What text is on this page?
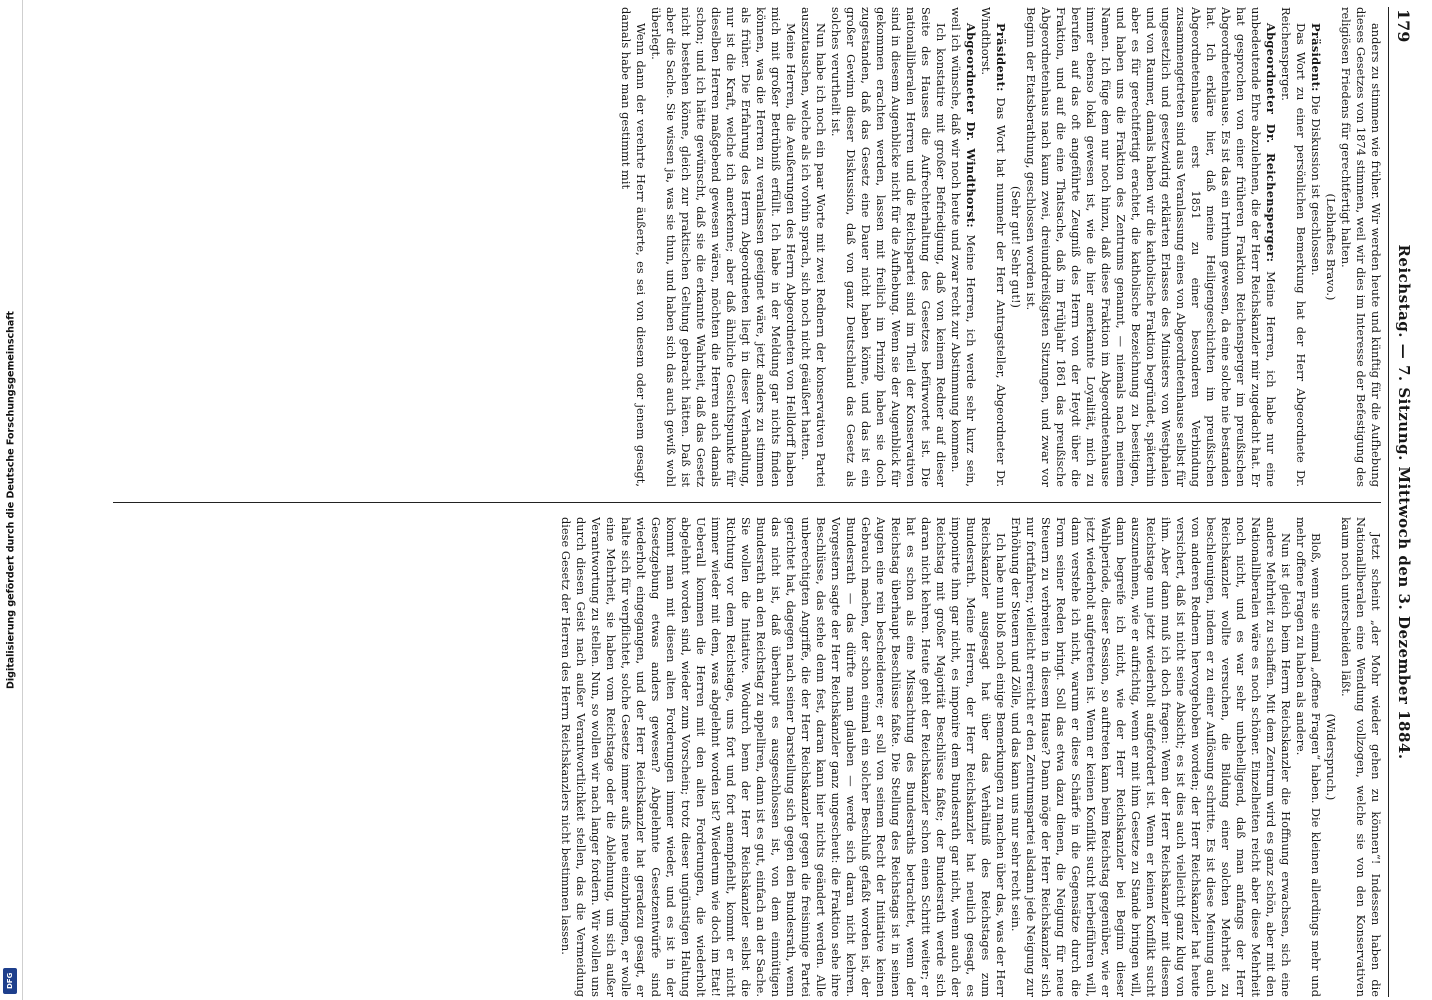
Digitalisierung gefördert durch die Deutsche Forschungsgemeinschaft
DFG
179
Reichstag. — 7. Sitzung. Mittwoch den 3. Dezember 1884.

anders zu stimmen wie früher. Wir werden heute und künftig für die Aufhebung dieses Gesetzes von 1874 stimmen, weil wir dies im Interesse der Befestigung des religiösen Friedens für gerechtfertigt halten.

(Lebhaftes Bravo.)

Präsident: Die Diskussion ist geschlossen.

Das Wort zu einer persönlichen Bemerkung hat der Herr Abgeordnete Dr. Reichensperger.

Abgeordneter Dr. Reichensperger: Meine Herren, ich habe nur eine unbedeutende Ehre abzulehnen, die der Herr Reichskanzler mir zugedacht hat. Er hat gesprochen von einer früheren Fraktion Reichensperger im preußischen Abgeordnetenhause. Es ist das ein Irrthum gewesen, da eine solche nie bestanden hat. Ich erkläre hier, daß meine Heiligengeschichten im preußischen Abgeordnetenhause erst 1851 zu einer besonderen Verbindung zusammengetreten sind aus Veranlassung eines von Abgeordnetenhause selbst für ungesetzlich und gesetzwidrig erklärten Erlasses des Ministers von Westphalen und von Raumer, damals haben wir die katholische Fraktion begründet, späterhin aber es für gerechtfertigt erachtet, die katholische Bezeichnung zu beseitigen, und haben uns die Fraktion des Zentrums genannt, — niemals nach meinem Namen. Ich füge dem nur noch hinzu, daß diese Fraktion im Abgeordnetenhause immer ebenso lokal gewesen ist, wie die hier anerkannte Loyalität, mich zu berufen auf das oft angeführte Zeugniß des Herrn von der Heydt über die Fraktion, und auf die eine Thatsache, daß im Frühjahr 1861 das preußische Abgeordnetenhaus nach kaum zwei, dreiunddreißigsten Sitzungen, und zwar vor Beginn der Etatsberathung, geschlossen worden ist.

(Sehr gut! Sehr gut!)

Präsident: Das Wort hat nunmehr der Herr Antragsteller, Abgeordneter Dr. Windthorst.

Abgeordneter Dr. Windthorst: Meine Herren, ich werde sehr kurz sein, weil ich wünsche, daß wir noch heute und zwar recht zur Abstimmung kommen.

Ich konstatire mit großer Befriedigung, daß von keinem Redner auf dieser Seite des Hauses die Aufrechterhaltung des Gesetzes befürwortet ist. Die nationalliberalen Herren und die Reichspartei sind im Theil der Konservativen sind in diesem Augenblicke nicht für die Aufhebung. Wenn sie der Augenblick für gekommen erachten werden, lassen mit freilich im Prinzip haben sie doch zugestanden, daß das Gesetz eine Dauer nicht haben könne, und das ist ein großer Gewinn dieser Diskussion, daß von ganz Deutschland das Gesetz als solches verurtheilt ist.

Nun habe ich noch ein paar Worte mit zwei Rednern der konservativen Partei auszutauschen, welche als ich vorhin sprach, sich noch nicht geäußert hatten.

Meine Herren, die Aeußerungen des Herrn Abgeordneten von Helldorff haben mich mit großer Betrübniß erfüllt. Ich habe in der Meldung gar nichts finden können, was die Herren zu veranlassen geeignet wäre, jetzt anders zu stimmen als früher. Die Erfahrung des Herrn Abgeordneten liegt in dieser Verhandlung, nur ist die Kraft, welche ich anerkenne; aber daß ähnliche Gesichtspunkte für dieselben Herren maßgebend gewesen wären, möchten die Herren auch damals schon; und ich hätte gewünscht, daß sie die erkannte Wahrheit, daß das Gesetz nicht bestehen könne, gleich zur praktischen Geltung gebracht hätten. Daß ist aber die Sache. Sie wissen ja, was sie thun, und haben sich das auch gewiß wohl überlegt.

Wenn dann der verehrte Herr äußerte, es sei von diesem oder jenem gesagt, damals habe man gestimmt mit

Jetzt scheint „der Mohr wieder gehen zu können“! Indessen haben die Nationalliberalen eine Wendung vollzogen, welche sie von den Konservativen kaum noch unterscheiden läßt.

(Widerspruch.)

Bloß, wenn sie einmal „offene Fragen“ haben. Die kleinen allerdings mehr und mehr offene Fragen zu haben als andere.

Nun ist gleich beim Herrn Reichskanzler die Hoffnung erwachsen, sich eine andere Mehrheit zu schaffen. Mit dem Zentrum wird es ganz schön, aber mit den Nationalliberalen wäre es noch schöner. Einzelheiten reicht aber diese Mehrheit noch nicht, und es war sehr unbehelligend, daß man anfangs der Herr Reichskanzler wollte versuchen, die Bildung einer solchen Mehrheit zu beschleunigen, indem er zu einer Auflösung schritte. Es ist diese Meinung auch von anderen Rednern hervorgehoben worden; der Herr Reichskanzler hat heute versichert, daß ist nicht seine Absicht; es ist dies auch vielleicht ganz klug von ihm. Aber dann muß ich doch fragen: Wenn der Herr Reichskanzler mit diesem Reichstage nun jetzt wiederholt aufgefordert ist. Wenn er keinen Konflikt sucht auszunehmen, wie er aufrichtig, wenn er mit ihm Gesetze zu Stande bringen will, dann begreife ich nicht, wie der Herr Reichskanzler bei Beginn dieser Wahlperiode, dieser Session, so auftreten kann beim Reichstag gegenüber, wie er jetzt wiederholt aufgetreten ist. Wenn er keinen Konflikt sucht herbeiführen will, dann verstehe ich nicht, warum er diese Schärfe in die Gegensätze durch die Form seiner Reden bringt. Soll das etwa dazu dienen, die Neigung für neue Steuern zu verbreiten in diesem Hause? Dann möge der Herr Reichskanzler sich nur fortfahren; vielleicht erreicht er den Zentrumspartei alsdann jede Neigung zur Erhöhung der Steuern und Zölle, und das kann uns nur sehr recht sein.

Ich habe nun bloß noch einige Bemerkungen zu machen über das, was der Herr Reichskanzler ausgesagt hat über das Verhältniß des Reichstages zum Bundesrath. Meine Herren, der Herr Reichskanzler hat neulich gesagt, es imponirte ihm gar nicht, es imponire dem Bundesrath gar nicht, wenn auch der Reichstag mit großer Majorität Beschlüsse faßte; der Bundesrath werde sich daran nicht kehren. Heute geht der Reichskanzler schon einen Schritt weiter; er hat es schon als eine Missachtung des Bundesraths betrachtet, wenn der Reichstag überhaupt Beschlüsse faßte. Die Stellung des Reichstags ist in seinen Augen eine rein bescheidenere; er soll von seinem Recht der Initiative keinen Gebrauch machen, der schon einmal ein solcher Beschluß gefaßt worden ist, der Bundesrath — das dürfte man glauben — werde sich daran nicht kehren. Vorgestern sagte der Herr Reichskanzler ganz ungescheut: die Fraktion sehe ihre Beschlüsse, das stehe denn fest, daran kann hier nichts geändert werden. Alle unberechtigten Angriffe, die der Herr Reichskanzler gegen die freisinnige Partei gerichtet hat, dagegen nach seiner Darstellung sich gegen den Bundesrath, wenn das nicht ist, daß überhaupt es ausgeschlossen ist, von dem einmütigen Bundesrath an den Reichstag zu appelliren, dann ist es gut, einfach an der Sache. Sie wollen die Initiative. Wodurch benn der Herr Reichskanzler selbst die Richtung vor dem Reichstage, uns fort und fort anempfiehlt, kommt er nicht immer wieder mit dem, was abgelehnt worden ist? Wiederum wie doch im Etat! Ueberall kommen die Herren mit den alten Forderungen, die wiederholt abgelehnt worden sind, wieder zum Vorschein; trotz dieser ungünstigen Haltung kommt man mit diesen alten Forderungen immer wieder, und es ist in der Gesetzgebung etwas anders gewesen? Abgelehnte Gesetzentwürfe sind wiederholt eingegangen, und der Herr Reichskanzler hat geradezu gesagt, er halte sich für verpflichtet, solche Gesetze immer aufs neue einzubringen, er wolle eine Mehrheit, sie haben vom Reichstage oder die Ablehnung, um sich außer Verantwortung zu stellen. Nun, so wollen wir nach langer fordern. Wir wollen uns durch diesen Geist nach außer Verantwortlichkeit stellen, das die Vermeidung diese Gesetz der Herren des Herrn Reichskanzlers nicht bestimmen lassen.
